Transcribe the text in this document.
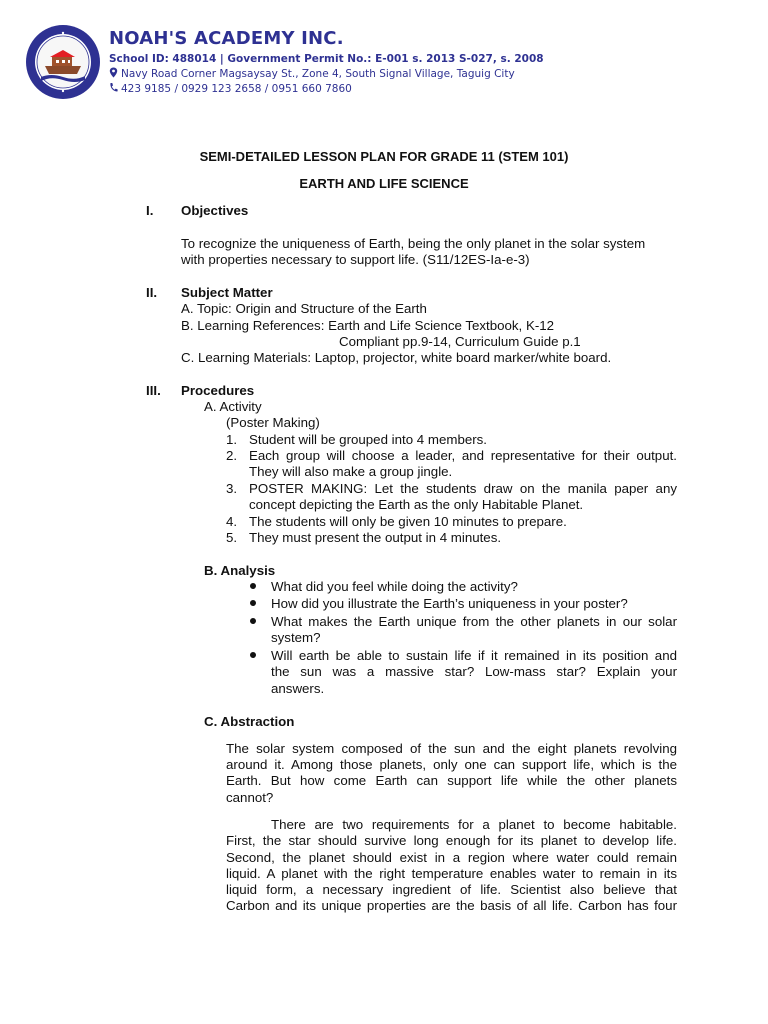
NOAH'S ACADEMY INC.
School ID: 488014 | Government Permit No.: E-001 s. 2013 S-027, s. 2008
Navy Road Corner Magsaysay St., Zone 4, South Signal Village, Taguig City
423 9185 / 0929 123 2658 / 0951 660 7860
SEMI-DETAILED LESSON PLAN FOR GRADE 11 (STEM 101)
EARTH AND LIFE SCIENCE
I. Objectives
To recognize the uniqueness of Earth, being the only planet in the solar system
with properties necessary to support life. (S11/12ES-Ia-e-3)
II. Subject Matter
A. Topic: Origin and Structure of the Earth
B. Learning References: Earth and Life Science Textbook, K-12
Compliant pp.9-14, Curriculum Guide p.1
C. Learning Materials: Laptop, projector, white board marker/white board.
III. Procedures
A. Activity
(Poster Making)
1. Student will be grouped into 4 members.
2. Each group will choose a leader, and representative for their output.
They will also make a group jingle.
3. POSTER MAKING: Let the students draw on the manila paper any
concept depicting the Earth as the only Habitable Planet.
4. The students will only be given 10 minutes to prepare.
5. They must present the output in 4 minutes.
B. Analysis
What did you feel while doing the activity?
How did you illustrate the Earth’s uniqueness in your poster?
What makes the Earth unique from the other planets in our solar
system?
Will earth be able to sustain life if it remained in its position and
the sun was a massive star? Low-mass star? Explain your
answers.
C. Abstraction
The solar system composed of the sun and the eight planets revolving
around it. Among those planets, only one can support life, which is the
Earth. But how come Earth can support life while the other planets
cannot?
There are two requirements for a planet to become habitable.
First, the star should survive long enough for its planet to develop life.
Second, the planet should exist in a region where water could remain
liquid. A planet with the right temperature enables water to remain in its
liquid form, a necessary ingredient of life. Scientist also believe that
Carbon and its unique properties are the basis of all life. Carbon has four
